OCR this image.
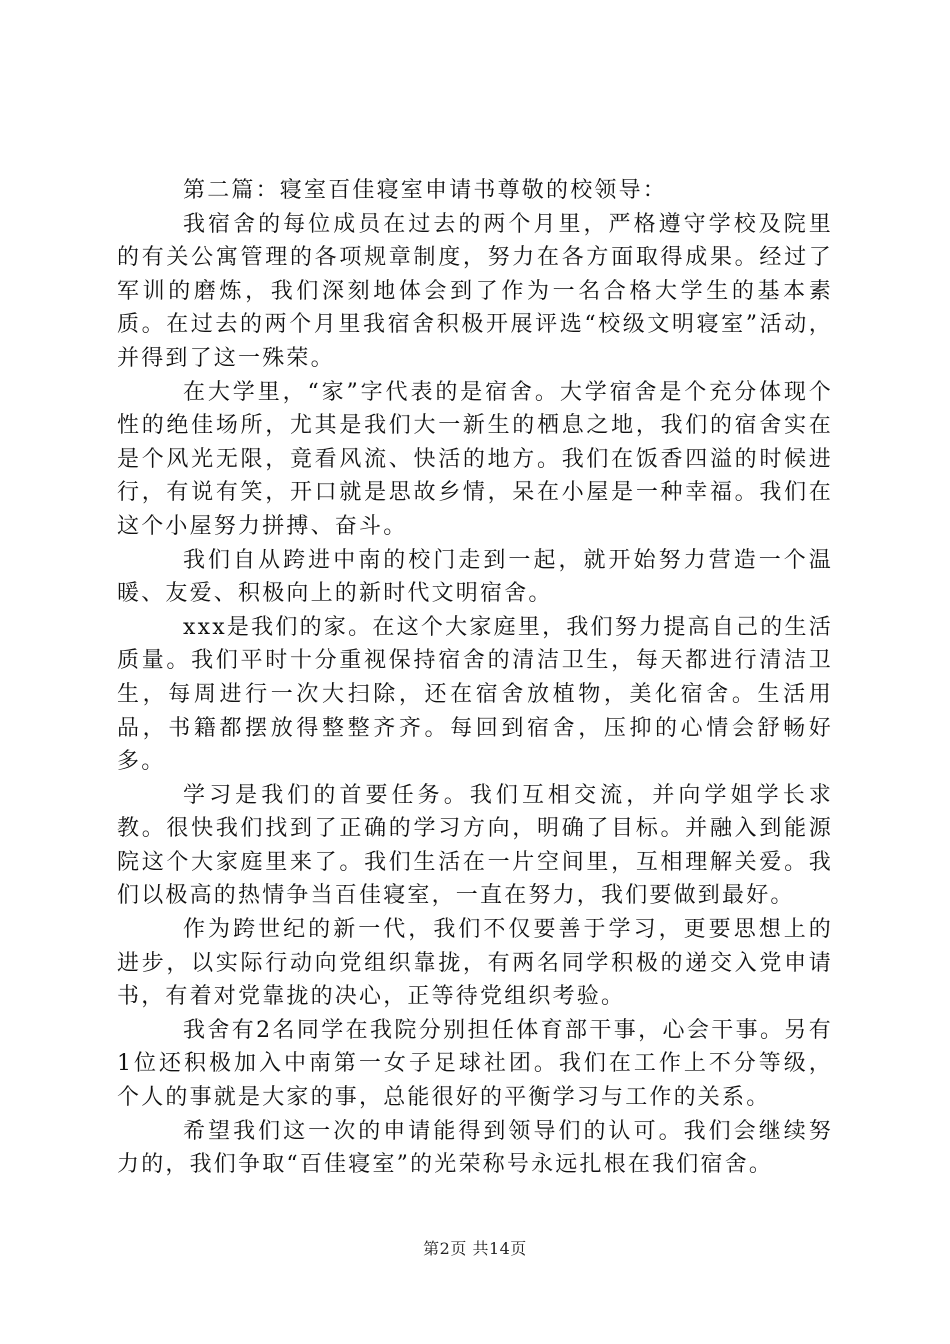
第二篇：寝室百佳寝室申请书尊敬的校领导：

我宿舍的每位成员在过去的两个月里，严格遵守学校及院里的有关公寓管理的各项规章制度，努力在各方面取得成果。经过了军训的磨炼，我们深刻地体会到了作为一名合格大学生的基本素质。在过去的两个月里我宿舍积极开展评选“校级文明寝室”活动，并得到了这一殊荣。

在大学里，“家”字代表的是宿舍。大学宿舍是个充分体现个性的绝佳场所，尤其是我们大一新生的栖息之地，我们的宿舍实在是个风光无限，竟看风流、快活的地方。我们在饭香四溢的时候进行，有说有笑，开口就是思故乡情，呆在小屋是一种幸福。我们在这个小屋努力拼搏、奋斗。

我们自从跨进中南的校门走到一起，就开始努力营造一个温暖、友爱、积极向上的新时代文明宿舍。

xxx是我们的家。在这个大家庭里，我们努力提高自己的生活质量。我们平时十分重视保持宿舍的清洁卫生，每天都进行清洁卫生，每周进行一次大扫除，还在宿舍放植物，美化宿舍。生活用品，书籍都摆放得整整齐齐。每回到宿舍，压抑的心情会舒畅好多。

学习是我们的首要任务。我们互相交流，并向学姐学长求教。很快我们找到了正确的学习方向，明确了目标。并融入到能源院这个大家庭里来了。我们生活在一片空间里，互相理解关爱。我们以极高的热情争当百佳寝室，一直在努力，我们要做到最好。

作为跨世纪的新一代，我们不仅要善于学习，更要思想上的进步，以实际行动向党组织靠拢，有两名同学积极的递交入党申请书，有着对党靠拢的决心，正等待党组织考验。

我舍有2名同学在我院分别担任体育部干事，心会干事。另有1位还积极加入中南第一女子足球社团。我们在工作上不分等级，个人的事就是大家的事，总能很好的平衡学习与工作的关系。

希望我们这一次的申请能得到领导们的认可。我们会继续努力的，我们争取“百佳寝室”的光荣称号永远扎根在我们宿舍。

第2页 共14页
